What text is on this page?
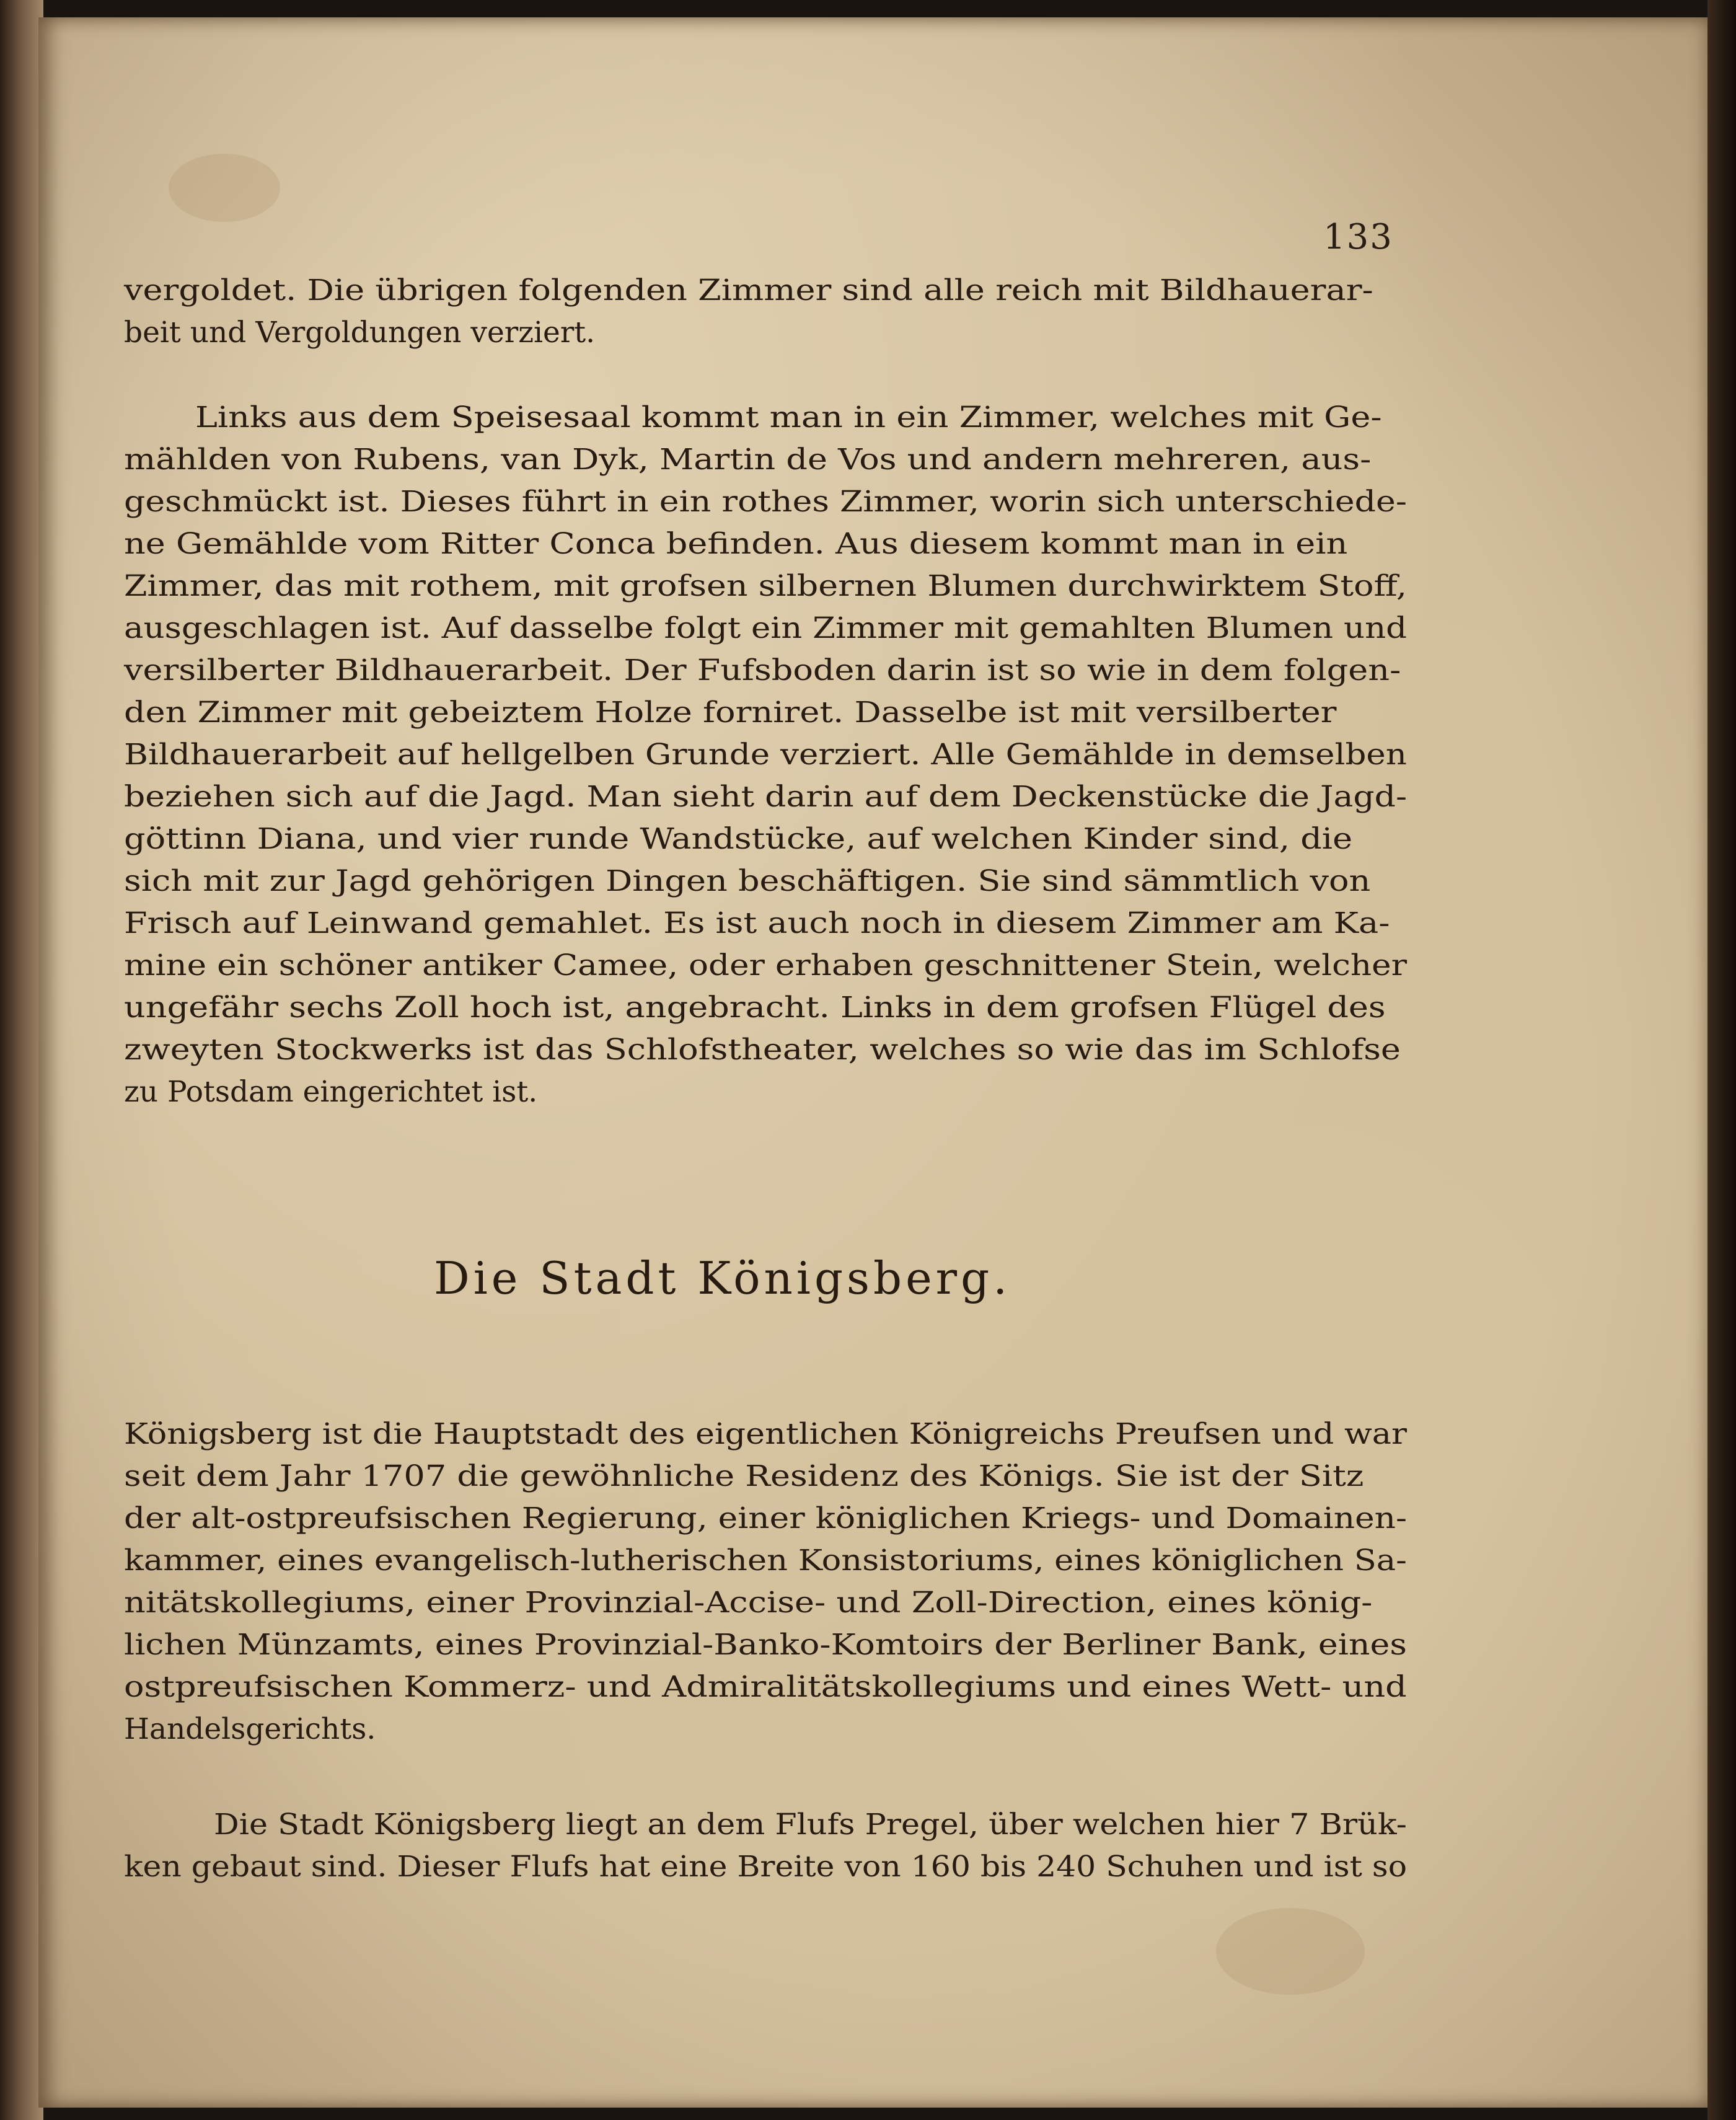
133
vergoldet. Die übrigen folgenden Zimmer sind alle reich mit Bildhauerar-
beit und Vergoldungen verziert.
Links aus dem Speisesaal kommt man in ein Zimmer, welches mit Ge-
mählden von Rubens, van Dyk, Martin de Vos und andern mehreren, aus-
geschmückt ist. Dieses führt in ein rothes Zimmer, worin sich unterschiede-
ne Gemählde vom Ritter Conca befinden. Aus diesem kommt man in ein
Zimmer, das mit rothem, mit grofsen silbernen Blumen durchwirktem Stoff,
ausgeschlagen ist. Auf dasselbe folgt ein Zimmer mit gemahlten Blumen und
versilberter Bildhauerarbeit. Der Fufsboden darin ist so wie in dem folgen-
den Zimmer mit gebeiztem Holze forniret. Dasselbe ist mit versilberter
Bildhauerarbeit auf hellgelben Grunde verziert. Alle Gemählde in demselben
beziehen sich auf die Jagd. Man sieht darin auf dem Deckenstücke die Jagd-
göttinn Diana, und vier runde Wandstücke, auf welchen Kinder sind, die
sich mit zur Jagd gehörigen Dingen beschäftigen. Sie sind sämmtlich von
Frisch auf Leinwand gemahlet. Es ist auch noch in diesem Zimmer am Ka-
mine ein schöner antiker Camee, oder erhaben geschnittener Stein, welcher
ungefähr sechs Zoll hoch ist, angebracht. Links in dem grofsen Flügel des
zweyten Stockwerks ist das Schlofstheater, welches so wie das im Schlofse
zu Potsdam eingerichtet ist.
Die Stadt Königsberg.
Königsberg ist die Hauptstadt des eigentlichen Königreichs Preufsen und war
seit dem Jahr 1707 die gewöhnliche Residenz des Königs. Sie ist der Sitz
der alt-ostpreufsischen Regierung, einer königlichen Kriegs- und Domainen-
kammer, eines evangelisch-lutherischen Konsistoriums, eines königlichen Sa-
nitätskollegiums, einer Provinzial-Accise- und Zoll-Direction, eines könig-
lichen Münzamts, eines Provinzial-Banko-Komtoirs der Berliner Bank, eines
ostpreufsischen Kommerz- und Admiralitätskollegiums und eines Wett- und
Handelsgerichts.
Die Stadt Königsberg liegt an dem Flufs Pregel, über welchen hier 7 Brük-
ken gebaut sind. Dieser Flufs hat eine Breite von 160 bis 240 Schuhen und ist so
